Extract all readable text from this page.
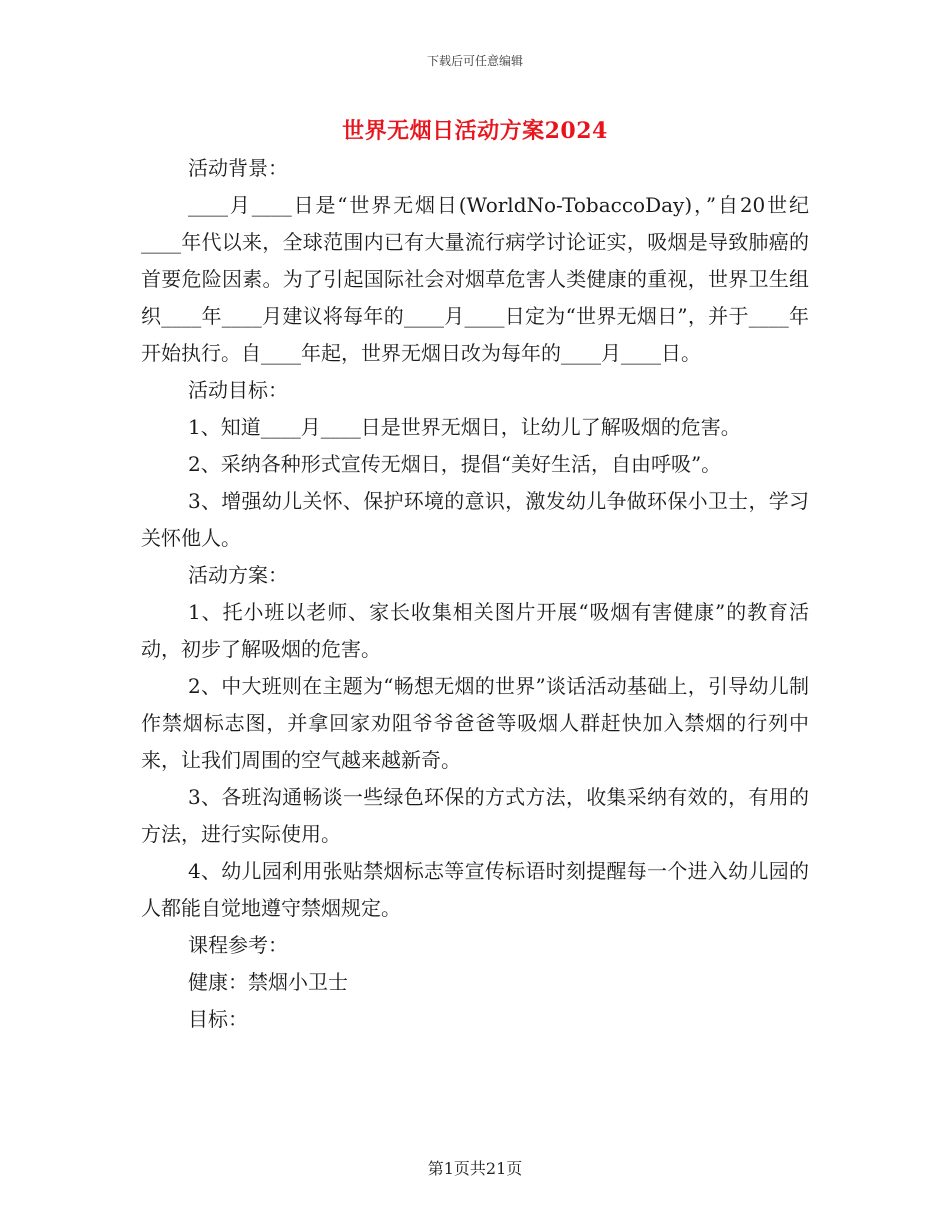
下载后可任意编辑
世界无烟日活动方案2024

活动背景：

____月____日是“世界无烟日(WorldNo-TobaccoDay)，”自20世纪____年代以来，全球范围内已有大量流行病学讨论证实，吸烟是导致肺癌的首要危险因素。为了引起国际社会对烟草危害人类健康的重视，世界卫生组织____年____月建议将每年的____月____日定为“世界无烟日”，并于____年开始执行。自____年起，世界无烟日改为每年的____月____日。

活动目标：

1、知道____月____日是世界无烟日，让幼儿了解吸烟的危害。

2、采纳各种形式宣传无烟日，提倡“美好生活，自由呼吸”。

3、增强幼儿关怀、保护环境的意识，激发幼儿争做环保小卫士，学习关怀他人。

活动方案：

1、托小班以老师、家长收集相关图片开展“吸烟有害健康”的教育活动，初步了解吸烟的危害。

2、中大班则在主题为“畅想无烟的世界”谈话活动基础上，引导幼儿制作禁烟标志图，并拿回家劝阻爷爷爸爸等吸烟人群赶快加入禁烟的行列中来，让我们周围的空气越来越新奇。

3、各班沟通畅谈一些绿色环保的方式方法，收集采纳有效的，有用的方法，进行实际使用。

4、幼儿园利用张贴禁烟标志等宣传标语时刻提醒每一个进入幼儿园的人都能自觉地遵守禁烟规定。

课程参考：

健康：禁烟小卫士

目标：

第1页共21页
